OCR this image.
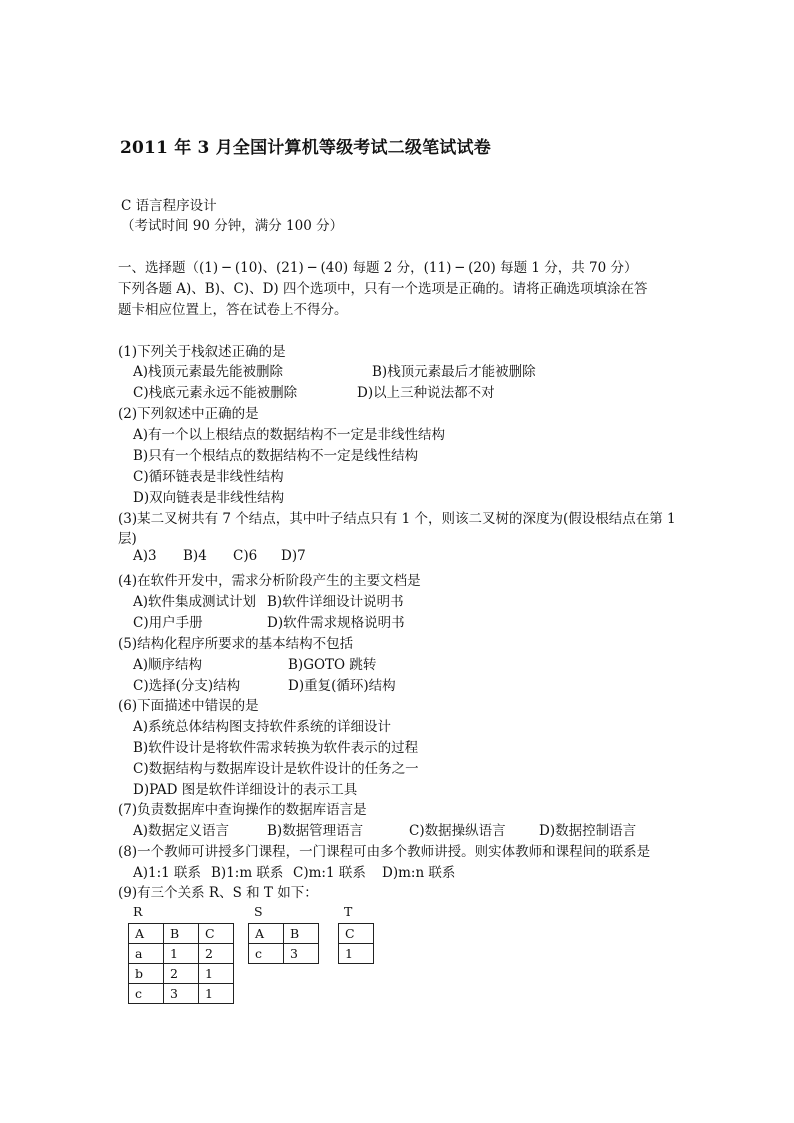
2011 年 3 月全国计算机等级考试二级笔试试卷
C 语言程序设计
（考试时间 90 分钟，满分 100 分）
一、选择题（(1) ─ (10)、(21) ─ (40) 每题 2 分，(11) ─ (20) 每题 1 分，共 70 分）
下列各题 A)、B)、C)、D) 四个选项中，只有一个选项是正确的。请将正确选项填涂在答
题卡相应位置上，答在试卷上不得分。
(1)下列关于栈叙述正确的是
A)栈顶元素最先能被删除	B)栈顶元素最后才能被删除
C)栈底元素永远不能被删除	D)以上三种说法都不对
(2)下列叙述中正确的是
A)有一个以上根结点的数据结构不一定是非线性结构
B)只有一个根结点的数据结构不一定是线性结构
C)循环链表是非线性结构
D)双向链表是非线性结构
(3)某二叉树共有 7 个结点，其中叶子结点只有 1 个，则该二叉树的深度为(假设根结点在第 1
层)
A)3 B)4 C)6 D)7
(4)在软件开发中，需求分析阶段产生的主要文档是
A)软件集成测试计划 B)软件详细设计说明书
C)用户手册	D)软件需求规格说明书
(5)结构化程序所要求的基本结构不包括
A)顺序结构	B)GOTO 跳转
C)选择(分支)结构	D)重复(循环)结构
(6)下面描述中错误的是
A)系统总体结构图支持软件系统的详细设计
B)软件设计是将软件需求转换为软件表示的过程
C)数据结构与数据库设计是软件设计的任务之一
D)PAD 图是软件详细设计的表示工具
(7)负责数据库中查询操作的数据库语言是
A)数据定义语言	B)数据管理语言	C)数据操纵语言 D)数据控制语言
(8)一个教师可讲授多门课程，一门课程可由多个教师讲授。则实体教师和课程间的联系是
A)1:1 联系 B)1:m 联系 C)m:1 联系 D)m:n 联系
(9)有三个关系 R、S 和 T 如下：
R	S	T
A	B	C
a	1	2
b	2	1
c	3	1
A	B
c	3
C
1
